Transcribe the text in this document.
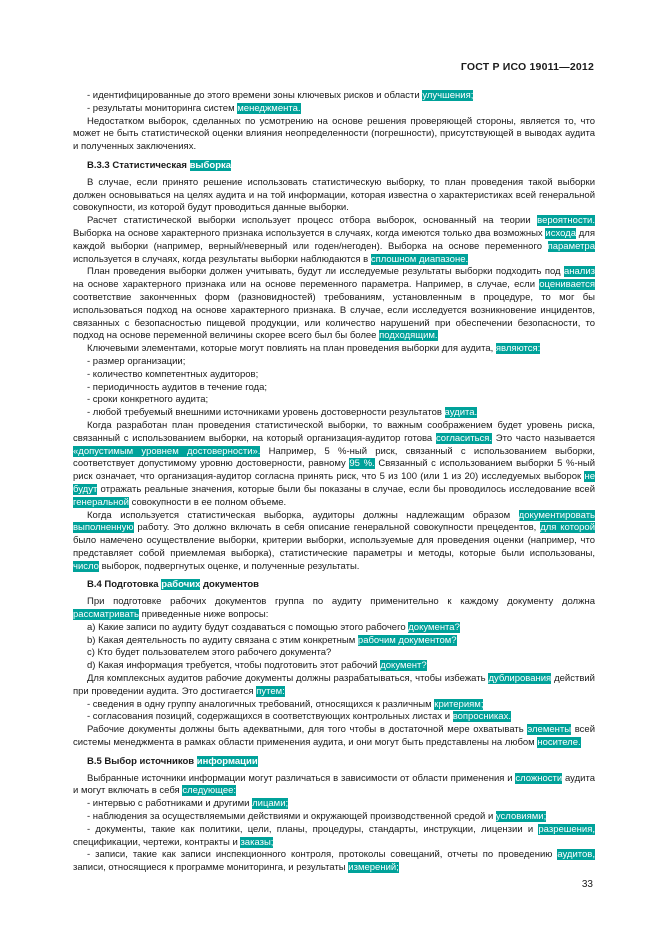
ГОСТ Р ИСО 19011—2012

- идентифицированные до этого времени зоны ключевых рисков и области улучшения;

- результаты мониторинга систем менеджмента.

Недостатком выборок, сделанных по усмотрению на основе решения проверяющей стороны, является то, что может не быть статистической оценки влияния неопределенности (погрешности), присутствующей в выводах аудита и полученных заключениях.

В.3.3 Статистическая выборка

В случае, если принято решение использовать статистическую выборку, то план проведения такой выборки должен основываться на целях аудита и на той информации, которая известна о характеристиках всей генеральной совокупности, из которой будут проводиться данные выборки.

Расчет статистической выборки использует процесс отбора выборок, основанный на теории вероятности. Выборка на основе характерного признака используется в случаях, когда имеются только два возможных исхода для каждой выборки (например, верный/неверный или годен/негоден). Выборка на основе переменного параметра используется в случаях, когда результаты выборки наблюдаются в сплошном диапазоне.

План проведения выборки должен учитывать, будут ли исследуемые результаты выборки подходить под анализ на основе характерного признака или на основе переменного параметра. Например, в случае, если оценивается соответствие законченных форм (разновидностей) требованиям, установленным в процедуре, то мог бы использоваться подход на основе характерного признака. В случае, если исследуется возникновение инцидентов, связанных с безопасностью пищевой продукции, или количество нарушений при обеспечении безопасности, то подход на основе переменной величины скорее всего был бы более подходящим.

Ключевыми элементами, которые могут повлиять на план проведения выборки для аудита, являются:

- размер организации;

- количество компетентных аудиторов;

- периодичность аудитов в течение года;

- сроки конкретного аудита;

- любой требуемый внешними источниками уровень достоверности результатов аудита.

Когда разработан план проведения статистической выборки, то важным соображением будет уровень риска, связанный с использованием выборки, на который организация-аудитор готова согласиться. Это часто называется «допустимым уровнем достоверности». Например, 5 %-ный риск, связанный с использованием выборки, соответствует допустимому уровню достоверности, равному 95 %. Связанный с использованием выборки 5 %-ный риск означает, что организация-аудитор согласна принять риск, что 5 из 100 (или 1 из 20) исследуемых выборок не будут отражать реальные значения, которые были бы показаны в случае, если бы проводилось исследование всей генеральной совокупности в ее полном объеме.

Когда используется статистическая выборка, аудиторы должны надлежащим образом документировать выполненную работу. Это должно включать в себя описание генеральной совокупности прецедентов, для которой было намечено осуществление выборки, критерии выборки, используемые для проведения оценки (например, что представляет собой приемлемая выборка), статистические параметры и методы, которые были использованы, число выборок, подвергнутых оценке, и полученные результаты.

В.4 Подготовка рабочих документов

При подготовке рабочих документов группа по аудиту применительно к каждому документу должна рассматривать приведенные ниже вопросы:

a) Какие записи по аудиту будут создаваться с помощью этого рабочего документа?

b) Какая деятельность по аудиту связана с этим конкретным рабочим документом?

c) Кто будет пользователем этого рабочего документа?

d) Какая информация требуется, чтобы подготовить этот рабочий документ?

Для комплексных аудитов рабочие документы должны разрабатываться, чтобы избежать дублирования действий при проведении аудита. Это достигается путем:

- сведения в одну группу аналогичных требований, относящихся к различным критериям;

- согласования позиций, содержащихся в соответствующих контрольных листах и вопросниках.

Рабочие документы должны быть адекватными, для того чтобы в достаточной мере охватывать элементы всей системы менеджмента в рамках области применения аудита, и они могут быть представлены на любом носителе.

В.5 Выбор источников информации

Выбранные источники информации могут различаться в зависимости от области применения и сложности аудита и могут включать в себя следующее:

- интервью с работниками и другими лицами;

- наблюдения за осуществляемыми действиями и окружающей производственной средой и условиями;

- документы, такие как политики, цели, планы, процедуры, стандарты, инструкции, лицензии и разрешения, спецификации, чертежи, контракты и заказы;

- записи, такие как записи инспекционного контроля, протоколы совещаний, отчеты по проведению аудитов, записи, относящиеся к программе мониторинга, и результаты измерений;

33
